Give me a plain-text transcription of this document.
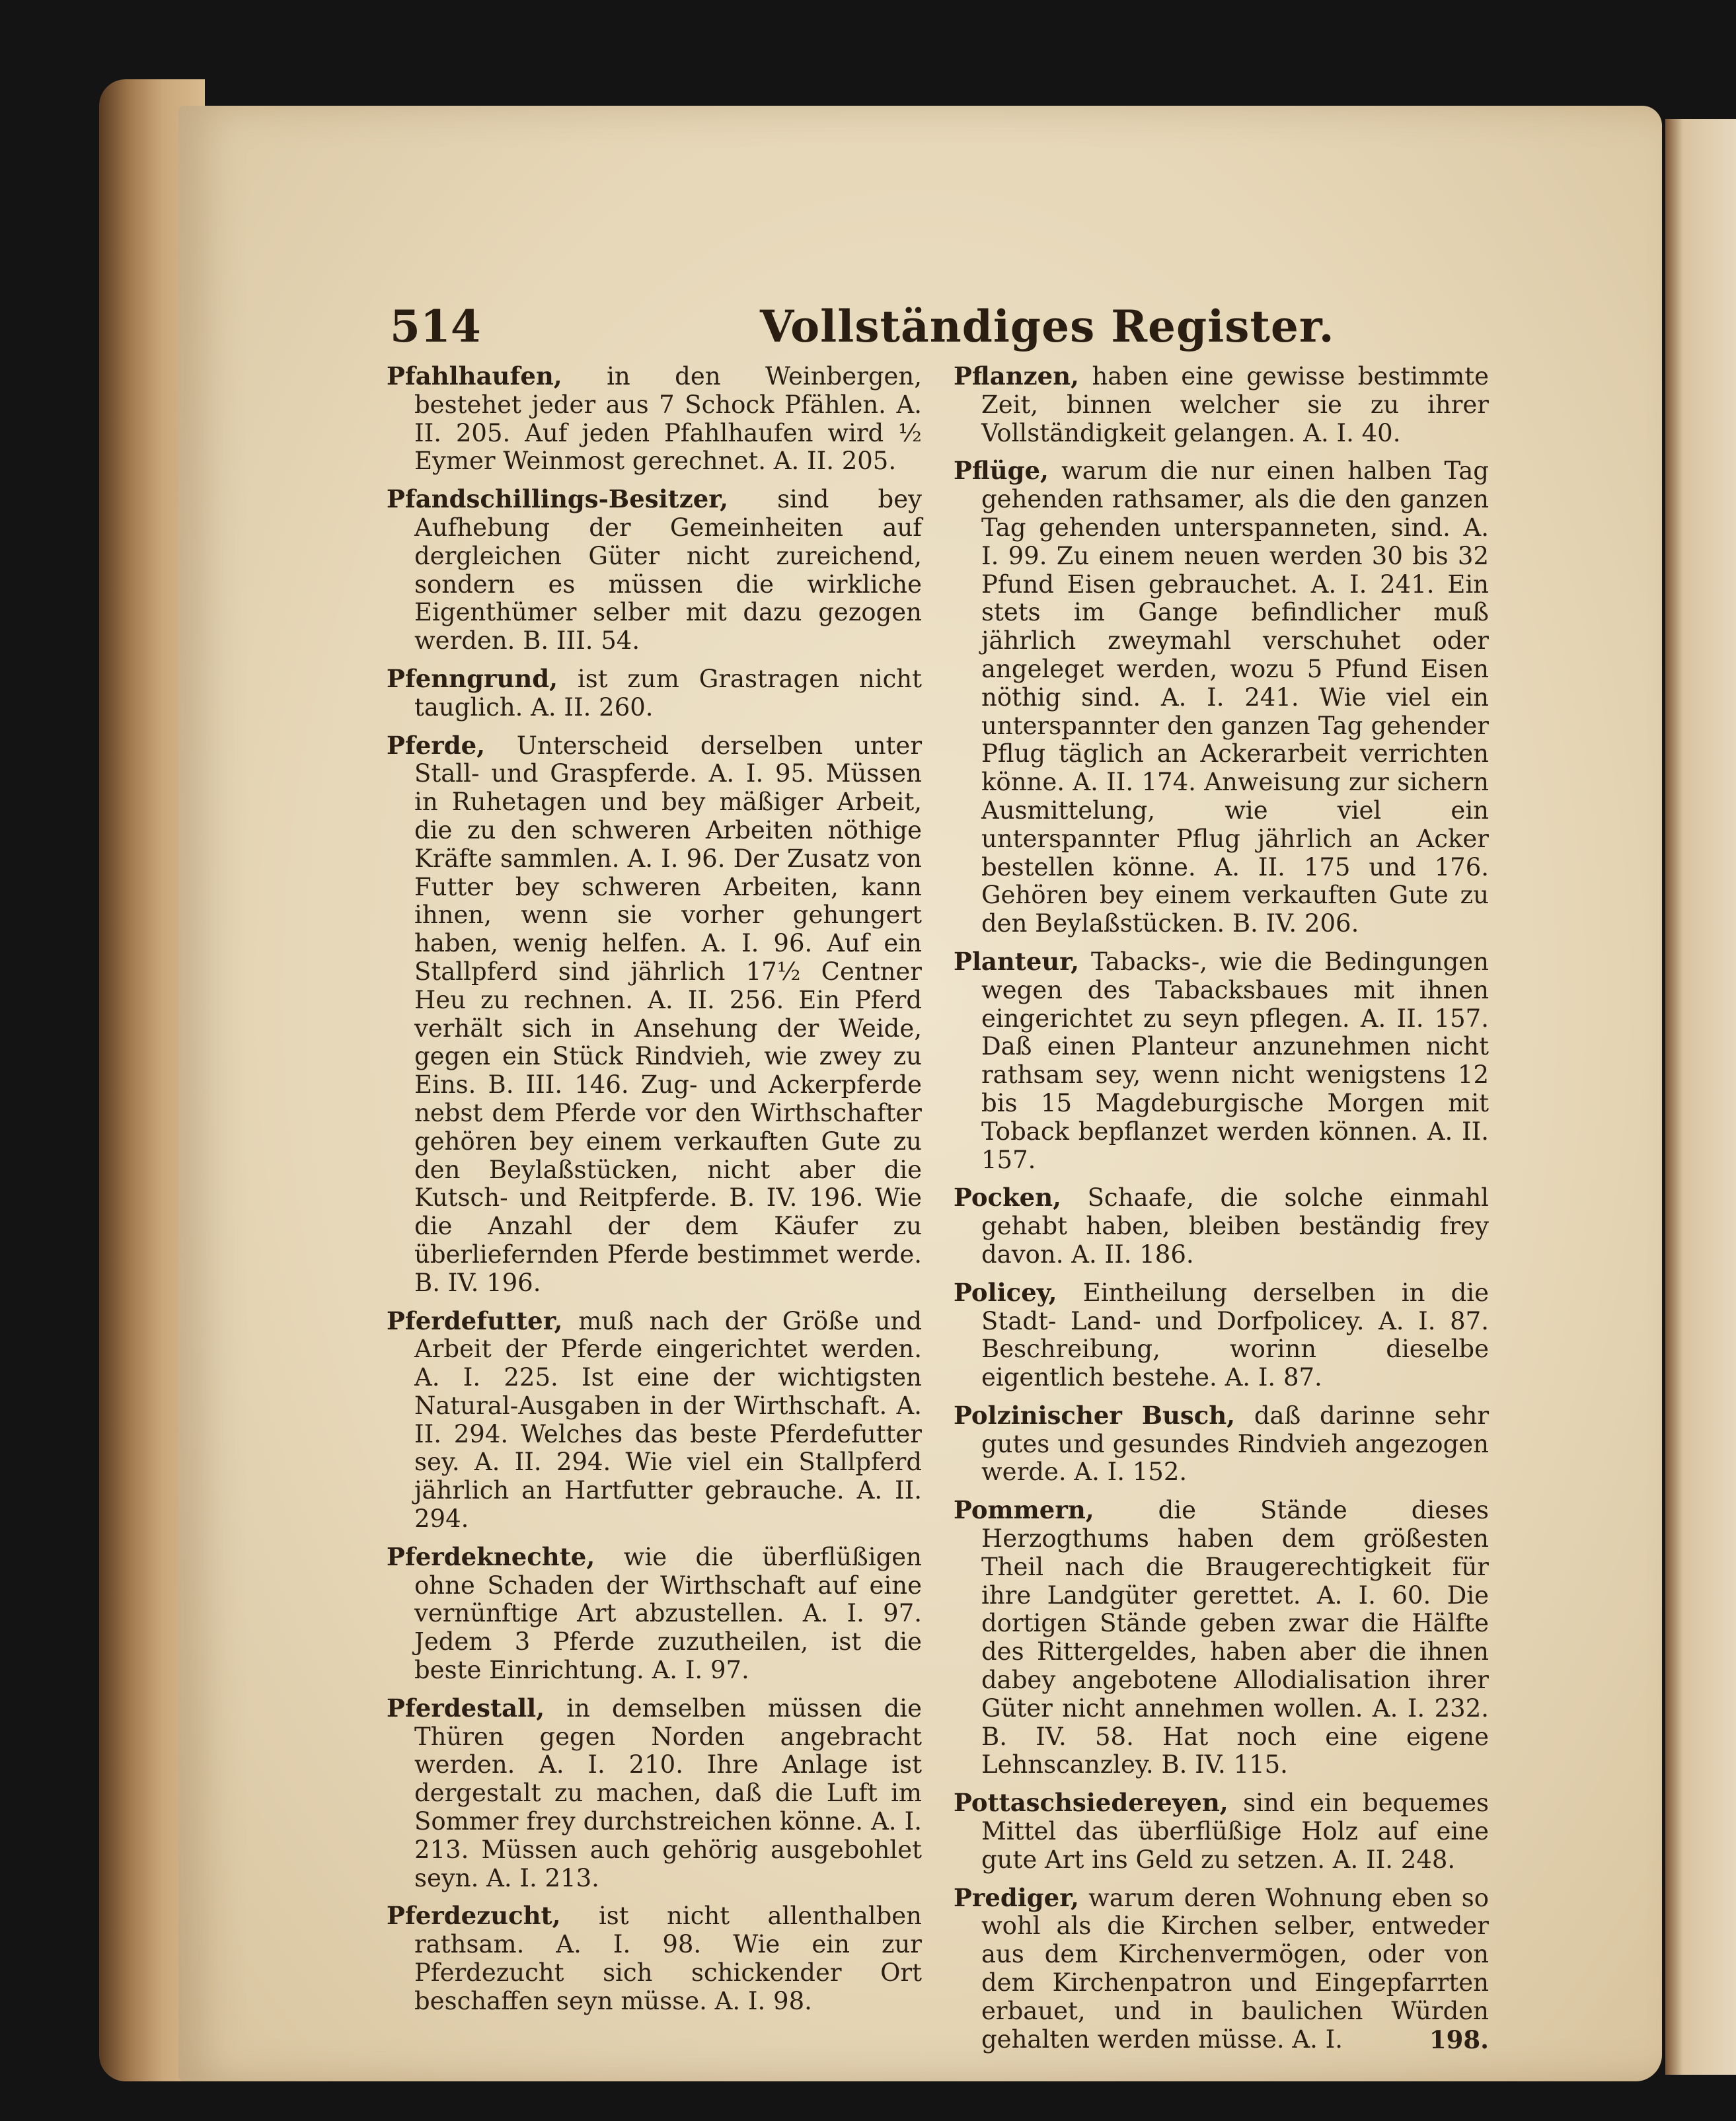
514	Vollständiges Register.

Pfahlhaufen, in den Weinbergen, bestehet jeder aus 7 Schock Pfählen. A. II. 205. Auf jeden Pfahlhaufen wird ½ Eymer Weinmost gerechnet. A. II. 205.

Pfandschillings-Besitzer, sind bey Aufhebung der Gemeinheiten auf dergleichen Güter nicht zureichend, sondern es müssen die wirkliche Eigenthümer selber mit dazu gezogen werden. B. III. 54.

Pfenngrund, ist zum Grastragen nicht tauglich. A. II. 260.

Pferde, Unterscheid derselben unter Stall- und Graspferde. A. I. 95. Müssen in Ruhetagen und bey mäßiger Arbeit, die zu den schweren Arbeiten nöthige Kräfte sammlen. A. I. 96. Der Zusatz von Futter bey schweren Arbeiten, kann ihnen, wenn sie vorher gehungert haben, wenig helfen. A. I. 96. Auf ein Stallpferd sind jährlich 17½ Centner Heu zu rechnen. A. II. 256. Ein Pferd verhält sich in Ansehung der Weide, gegen ein Stück Rindvieh, wie zwey zu Eins. B. III. 146. Zug- und Ackerpferde nebst dem Pferde vor den Wirthschafter gehören bey einem verkauften Gute zu den Beylaßstücken, nicht aber die Kutsch- und Reitpferde. B. IV. 196. Wie die Anzahl der dem Käufer zu überliefernden Pferde bestimmet werde. B. IV. 196.

Pferdefutter, muß nach der Größe und Arbeit der Pferde eingerichtet werden. A. I. 225. Ist eine der wichtigsten Natural-Ausgaben in der Wirthschaft. A. II. 294. Welches das beste Pferdefutter sey. A. II. 294. Wie viel ein Stallpferd jährlich an Hartfutter gebrauche. A. II. 294.

Pferdeknechte, wie die überflüßigen ohne Schaden der Wirthschaft auf eine vernünftige Art abzustellen. A. I. 97. Jedem 3 Pferde zuzutheilen, ist die beste Einrichtung. A. I. 97.

Pferdestall, in demselben müssen die Thüren gegen Norden angebracht werden. A. I. 210. Ihre Anlage ist dergestalt zu machen, daß die Luft im Sommer frey durchstreichen könne. A. I. 213. Müssen auch gehörig ausgebohlet seyn. A. I. 213.

Pferdezucht, ist nicht allenthalben rathsam. A. I. 98. Wie ein zur Pferdezucht sich schickender Ort beschaffen seyn müsse. A. I. 98.

Pflanzen, haben eine gewisse bestimmte Zeit, binnen welcher sie zu ihrer Vollständigkeit gelangen. A. I. 40.

Pflüge, warum die nur einen halben Tag gehenden rathsamer, als die den ganzen Tag gehenden unterspanneten, sind. A. I. 99. Zu einem neuen werden 30 bis 32 Pfund Eisen gebrauchet. A. I. 241. Ein stets im Gange befindlicher muß jährlich zweymahl verschuhet oder angeleget werden, wozu 5 Pfund Eisen nöthig sind. A. I. 241. Wie viel ein unterspannter den ganzen Tag gehender Pflug täglich an Ackerarbeit verrichten könne. A. II. 174. Anweisung zur sichern Ausmittelung, wie viel ein unterspannter Pflug jährlich an Acker bestellen könne. A. II. 175 und 176. Gehören bey einem verkauften Gute zu den Beylaßstücken. B. IV. 206.

Planteur, Tabacks-, wie die Bedingungen wegen des Tabacksbaues mit ihnen eingerichtet zu seyn pflegen. A. II. 157. Daß einen Planteur anzunehmen nicht rathsam sey, wenn nicht wenigstens 12 bis 15 Magdeburgische Morgen mit Toback bepflanzet werden können. A. II. 157.

Pocken, Schaafe, die solche einmahl gehabt haben, bleiben beständig frey davon. A. II. 186.

Policey, Eintheilung derselben in die Stadt- Land- und Dorfpolicey. A. I. 87. Beschreibung, worinn dieselbe eigentlich bestehe. A. I. 87.

Polzinischer Busch, daß darinne sehr gutes und gesundes Rindvieh angezogen werde. A. I. 152.

Pommern,	die Stände dieses Herzogthums haben dem größesten Theil nach die Braugerechtigkeit für ihre Landgüter gerettet. A. I. 60. Die dortigen Stände geben zwar die Hälfte des Rittergeldes, haben aber die ihnen dabey angebotene Allodialisation ihrer Güter nicht annehmen wollen. A. I. 232. B. IV. 58. Hat noch eine eigene Lehnscanzley. B. IV. 115.

Pottaschsiedereyen, sind ein bequemes Mittel das überflüßige Holz auf eine gute Art ins Geld zu setzen. A. II. 248.

Prediger, warum deren Wohnung eben so wohl als die Kirchen selber, entweder aus dem Kirchenvermögen, oder von dem Kirchenpatron und Eingepfarrten erbauet, und in baulichen Würden gehalten werden müsse. A. I.	198.
